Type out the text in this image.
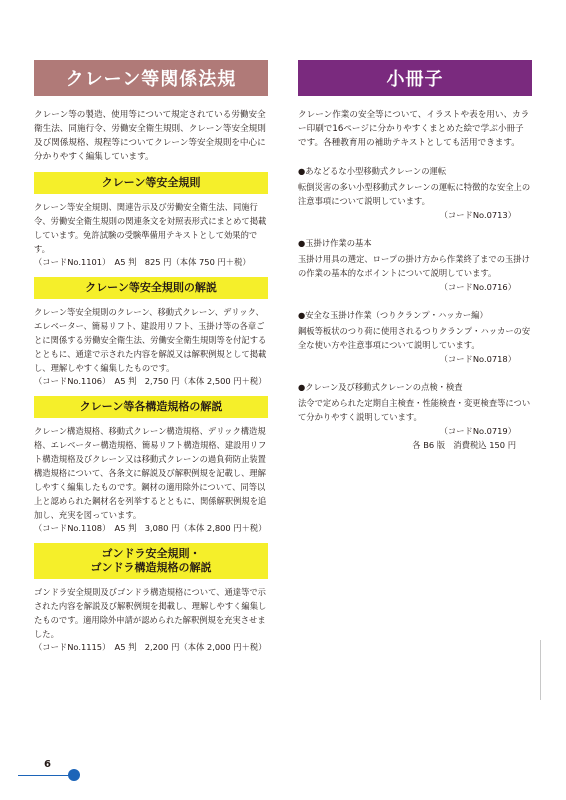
クレーン等関係法規

クレーン等の製造、使用等について規定されている労働安全衛生法、同施行令、労働安全衛生規則、クレーン等安全規則及び関係規格、規程等についてクレーン等安全規則を中心に分かりやすく編集しています。

クレーン等安全規則

クレーン等安全規則、関連告示及び労働安全衛生法、同施行令、労働安全衛生規則の関連条文を対照表形式にまとめて掲載しています。免許試験の受験準備用テキストとして効果的です。

（コードNo.1101）　A5 判　825 円（本体 750 円＋税）

クレーン等安全規則の解説

クレーン等安全規則のクレーン、移動式クレーン、デリック、エレベーター、簡易リフト、建設用リフト、玉掛け等の各章ごとに関係する労働安全衛生法、労働安全衛生規則等を付記するとともに、通達で示された内容を解説又は解釈例規として掲載し、理解しやすく編集したものです。

（コードNo.1106）　A5 判　2,750 円（本体 2,500 円＋税）

クレーン等各構造規格の解説

クレーン構造規格、移動式クレーン構造規格、デリック構造規格、エレベーター構造規格、簡易リフト構造規格、建設用リフト構造規格及びクレーン又は移動式クレーンの過負荷防止装置構造規格について、各条文に解説及び解釈例規を記載し、理解しやすく編集したものです。鋼材の適用除外について、同等以上と認められた鋼材名を列挙するとともに、関係解釈例規を追加し、充実を図っています。

（コードNo.1108）　A5 判　3,080 円（本体 2,800 円＋税）

ゴンドラ安全規則・
ゴンドラ構造規格の解説

ゴンドラ安全規則及びゴンドラ構造規格について、通達等で示された内容を解説及び解釈例規を掲載し、理解しやすく編集したものです。適用除外申請が認められた解釈例規を充実させました。

（コードNo.1115）　A5 判　2,200 円（本体 2,000 円＋税）

小冊子

クレーン作業の安全等について、イラストや表を用い、カラー印刷で16ページに分かりやすくまとめた絵で学ぶ小冊子です。各種教育用の補助テキストとしても活用できます。

●あなどるな小型移動式クレーンの運転

転倒災害の多い小型移動式クレーンの運転に特徴的な安全上の注意事項について説明しています。

（コードNo.0713）
●玉掛け作業の基本

玉掛け用具の選定、ロープの掛け方から作業終了までの玉掛けの作業の基本的なポイントについて説明しています。

（コードNo.0716）
●安全な玉掛け作業（つりクランプ・ハッカー編）

鋼板等板状のつり荷に使用されるつりクランプ・ハッカーの安全な使い方や注意事項について説明しています。

（コードNo.0718）
●クレーン及び移動式クレーンの点検・検査

法令で定められた定期自主検査・性能検査・変更検査等について分かりやすく説明しています。

（コードNo.0719）
各 B6 版　消費税込 150 円
6
